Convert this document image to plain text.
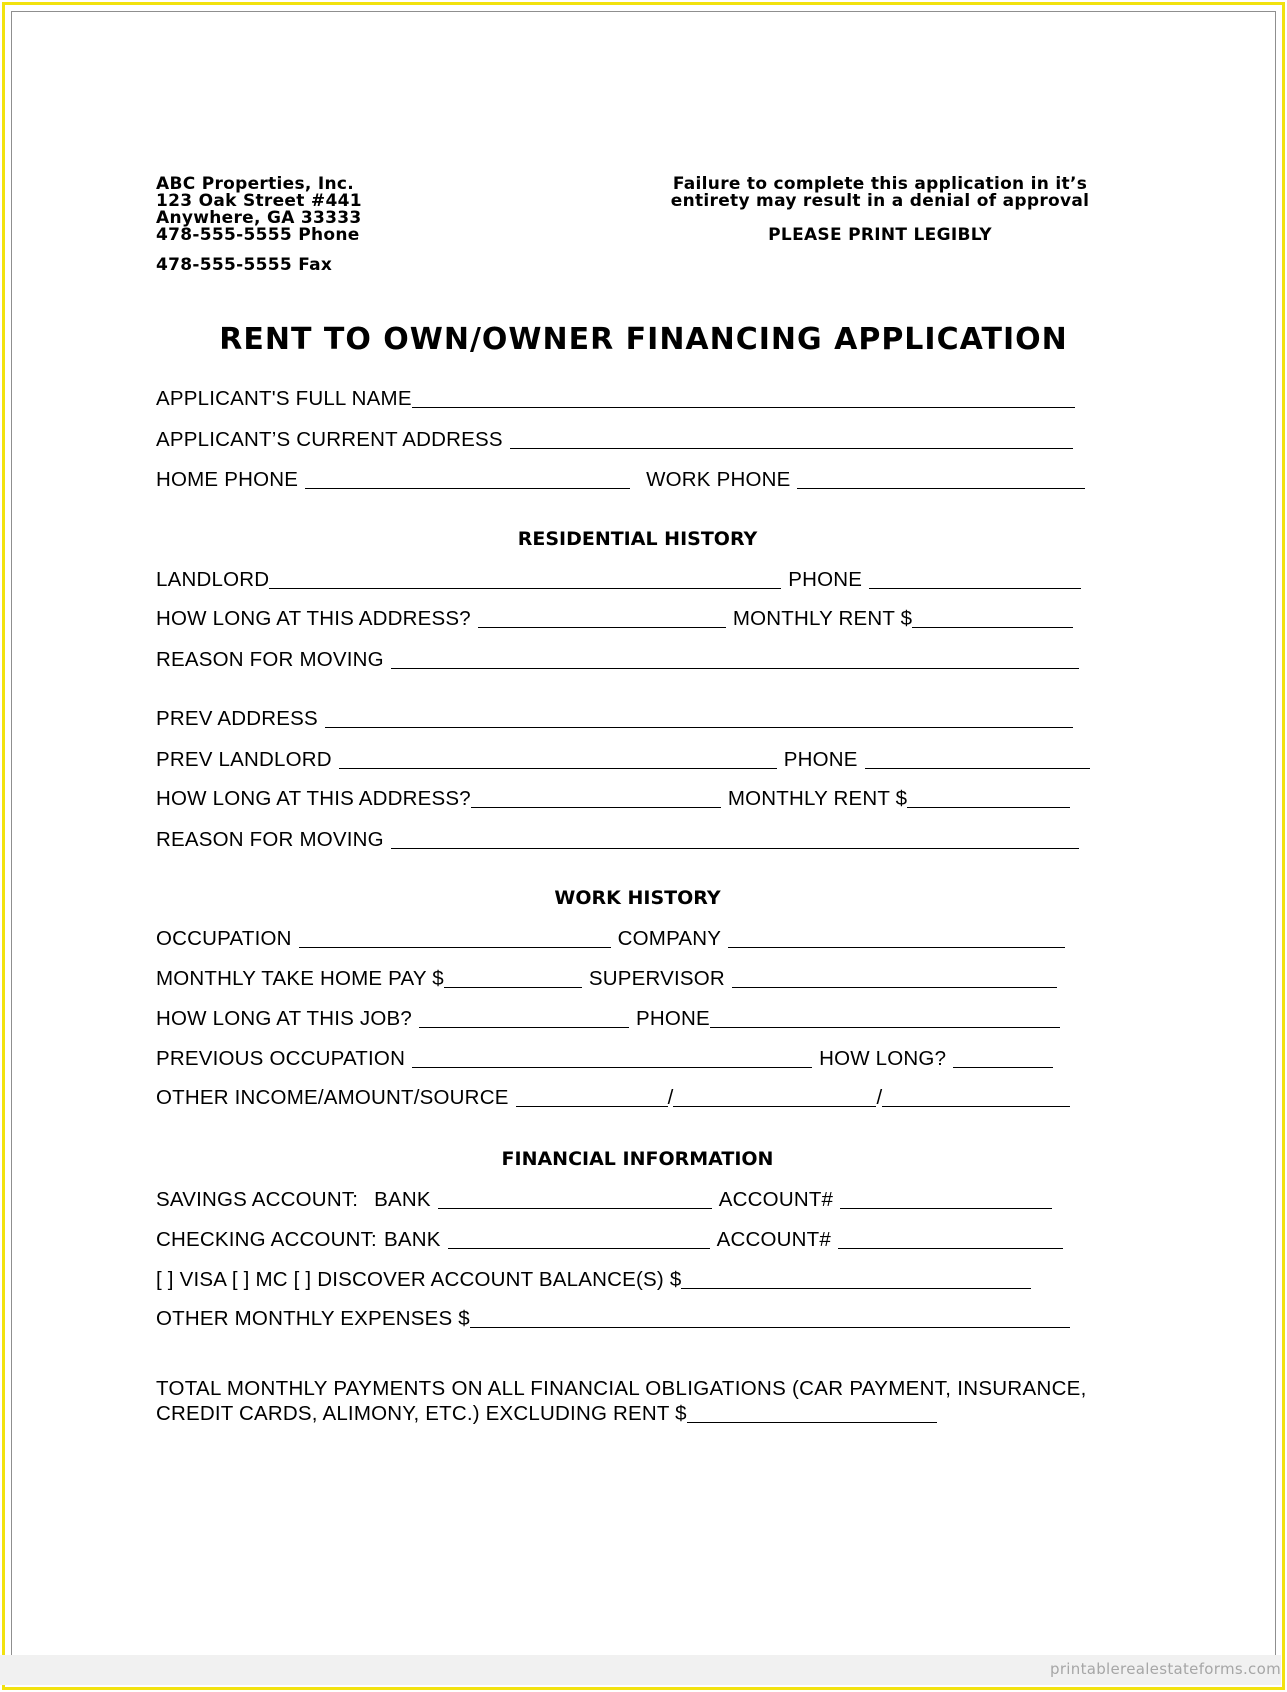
ABC Properties, Inc.
123 Oak Street #441
Anywhere, GA 33333
478-555-5555 Phone
478-555-5555 Fax
Failure to complete this application in it’s
entirety may result in a denial of approval
PLEASE PRINT LEGIBLY
RENT TO OWN/OWNER FINANCING APPLICATION
APPLICANT'S FULL NAME
APPLICANT’S CURRENT ADDRESS
HOME PHONE	WORK PHONE
RESIDENTIAL HISTORY
LANDLORD	PHONE
HOW LONG AT THIS ADDRESS?	MONTHLY RENT $
REASON FOR MOVING
PREV ADDRESS
PREV LANDLORD	PHONE
HOW LONG AT THIS ADDRESS?	MONTHLY RENT $
REASON FOR MOVING
WORK HISTORY
OCCUPATION	COMPANY
MONTHLY TAKE HOME PAY $	SUPERVISOR
HOW LONG AT THIS JOB?	PHONE
PREVIOUS OCCUPATION	HOW LONG?
OTHER INCOME/AMOUNT/SOURCE	/	/
FINANCIAL INFORMATION
SAVINGS ACCOUNT: BANK	ACCOUNT#
CHECKING ACCOUNT: BANK	ACCOUNT#
[ ] VISA [ ] MC [ ] DISCOVER ACCOUNT BALANCE(S) $
OTHER MONTHLY EXPENSES $
TOTAL MONTHLY PAYMENTS ON ALL FINANCIAL OBLIGATIONS (CAR PAYMENT, INSURANCE,
CREDIT CARDS, ALIMONY, ETC.) EXCLUDING RENT $
printablerealestateforms.com
